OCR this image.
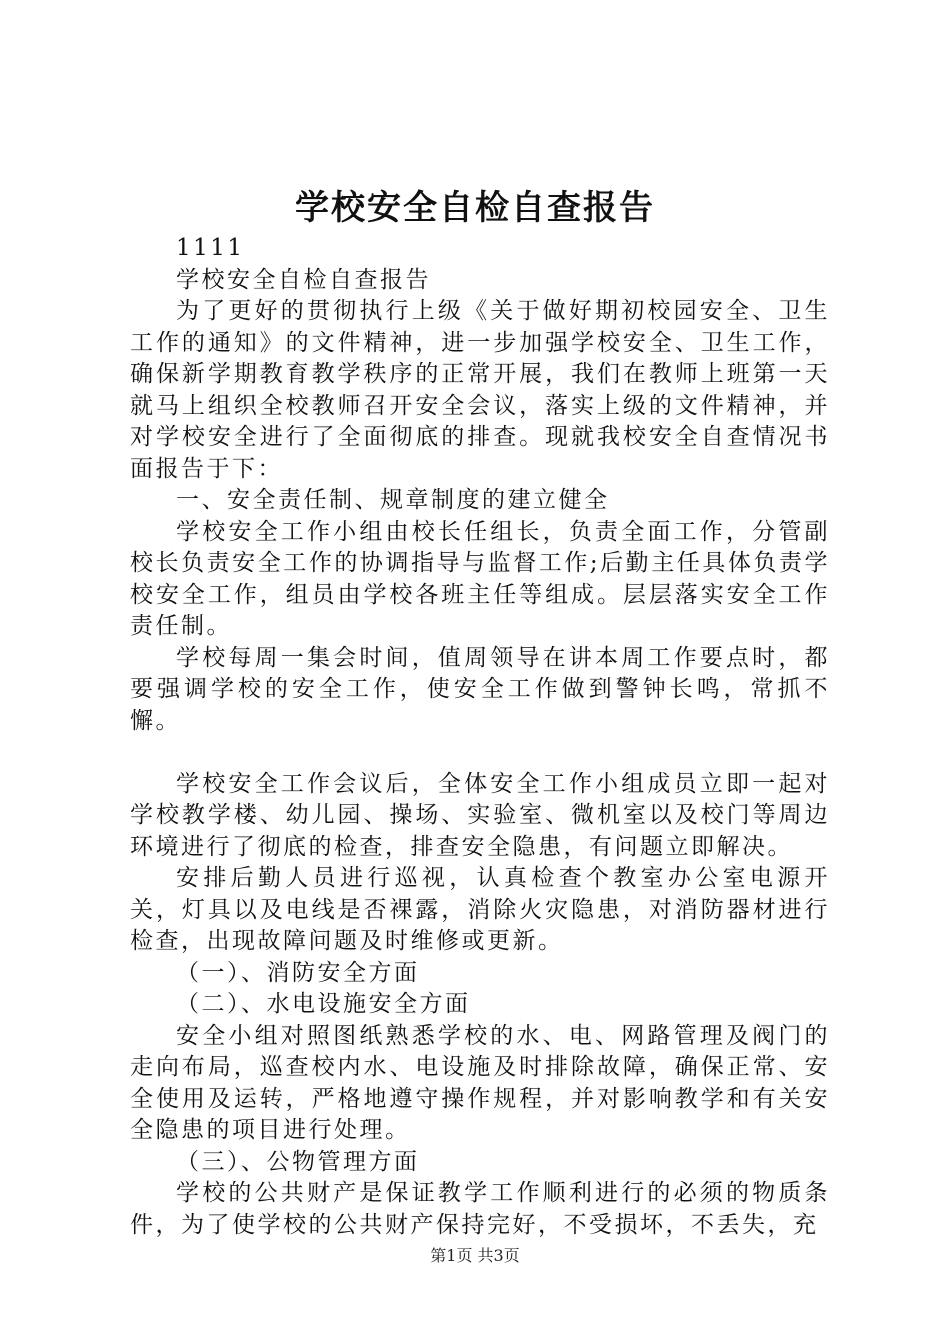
学校安全自检自查报告

1111

学校安全自检自查报告

为了更好的贯彻执行上级《关于做好期初校园安全、卫生工作的通知》的文件精神，进一步加强学校安全、卫生工作，确保新学期教育教学秩序的正常开展，我们在教师上班第一天就马上组织全校教师召开安全会议，落实上级的文件精神，并对学校安全进行了全面彻底的排查。现就我校安全自查情况书面报告于下：

一、安全责任制、规章制度的建立健全

学校安全工作小组由校长任组长，负责全面工作，分管副校长负责安全工作的协调指导与监督工作;后勤主任具体负责学校安全工作，组员由学校各班主任等组成。层层落实安全工作责任制。

学校每周一集会时间，值周领导在讲本周工作要点时，都要强调学校的安全工作，使安全工作做到警钟长鸣，常抓不懈。

学校安全工作会议后，全体安全工作小组成员立即一起对学校教学楼、幼儿园、操场、实验室、微机室以及校门等周边环境进行了彻底的检查，排查安全隐患，有问题立即解决。

安排后勤人员进行巡视，认真检查个教室办公室电源开关，灯具以及电线是否裸露，消除火灾隐患，对消防器材进行检查，出现故障问题及时维修或更新。

（一）、消防安全方面

（二）、水电设施安全方面

安全小组对照图纸熟悉学校的水、电、网路管理及阀门的走向布局，巡查校内水、电设施及时排除故障，确保正常、安全使用及运转，严格地遵守操作规程，并对影响教学和有关安全隐患的项目进行处理。

（三）、公物管理方面

学校的公共财产是保证教学工作顺利进行的必须的物质条件，为了使学校的公共财产保持完好，不受损坏，不丢失，充

第1页 共3页
